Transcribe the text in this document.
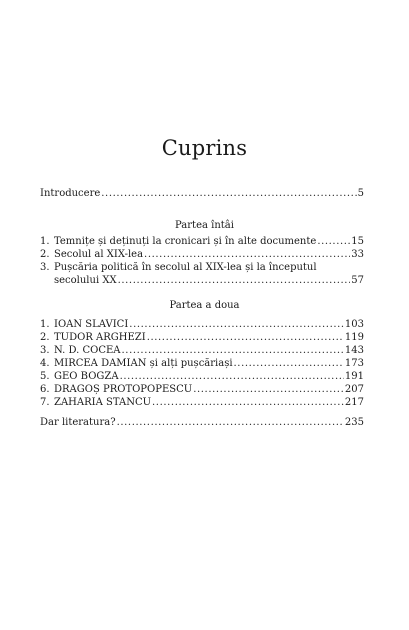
Cuprins
Introducere .....	5
Partea întâi
1. Temnițe și deținuți la cronicari și în alte documente .....	15
2. Secolul al XIX-lea .....	33
3. Pușcăria politică în secolul al XIX-lea și la începutul
secolului XX .....	57
Partea a doua
1. IOAN SLAVICI .....	103
2. TUDOR ARGHEZI .....	119
3. N. D. COCEA .....	143
4. MIRCEA DAMIAN și alți pușcăriași .....	173
5. GEO BOGZA .....	191
6. DRAGOȘ PROTOPOPESCU .....	207
7. ZAHARIA STANCU .....	217
Dar literatura? .....	235
